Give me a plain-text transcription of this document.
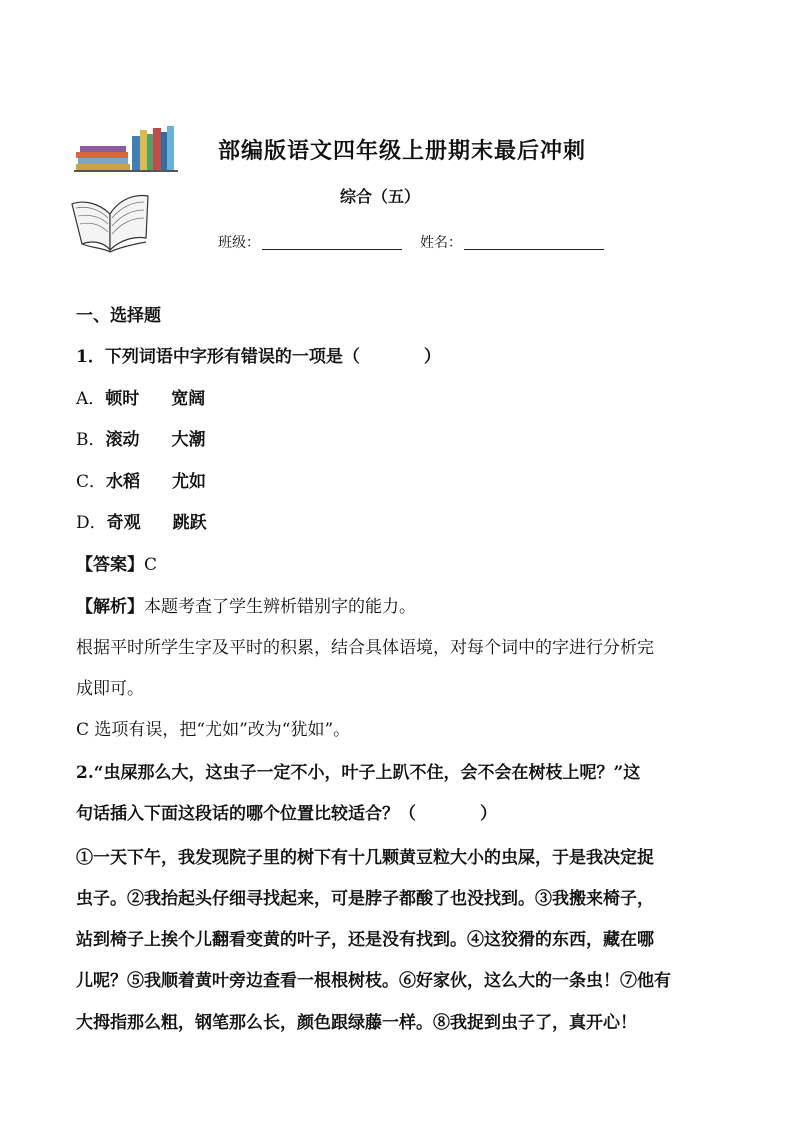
部编版语文四年级上册期末最后冲刺
综合（五）
班级：	姓名：
一、选择题
1．下列词语中字形有错误的一项是（	）
A．顿时 宽阔
B．滚动 大潮
C．水稻 尤如
D．奇观 跳跃
【答案】C
【解析】本题考查了学生辨析错别字的能力。
根据平时所学生字及平时的积累，结合具体语境，对每个词中的字进行分析完
成即可。
C 选项有误，把“尤如”改为“犹如”。
2.“虫屎那么大，这虫子一定不小，叶子上趴不住，会不会在树枝上呢？”这
句话插入下面这段话的哪个位置比较适合？（	）
①一天下午，我发现院子里的树下有十几颗黄豆粒大小的虫屎，于是我决定捉
虫子。②我抬起头仔细寻找起来，可是脖子都酸了也没找到。③我搬来椅子，
站到椅子上挨个儿翻看变黄的叶子，还是没有找到。④这狡猾的东西，藏在哪
儿呢？⑤我顺着黄叶旁边查看一根根树枝。⑥好家伙，这么大的一条虫！⑦他有
大拇指那么粗，钢笔那么长，颜色跟绿藤一样。⑧我捉到虫子了，真开心！
